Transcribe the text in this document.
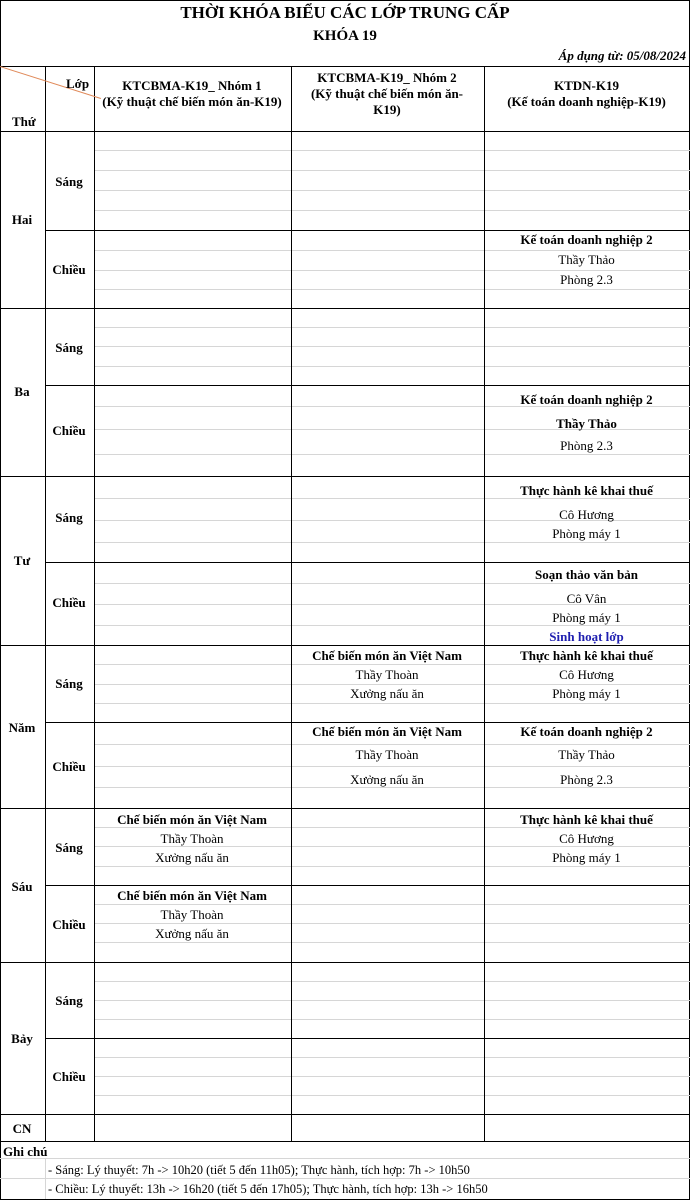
THỜI KHÓA BIỂU CÁC LỚP TRUNG CẤP
KHÓA 19
Áp dụng từ: 05/08/2024
Lớp
Thứ
KTCBMA-K19_ Nhóm 1
(Kỹ thuật chế biến món ăn-K19)
KTCBMA-K19_ Nhóm 2
(Kỹ thuật chế biến món ăn-
K19)
KTDN-K19
(Kế toán doanh nghiệp-K19)
Hai
Ba
Tư
Năm
Sáu
Bảy
CN
Sáng
Chiều
Sáng
Chiều
Sáng
Chiều
Sáng
Chiều
Sáng
Chiều
Sáng
Chiều
Kế toán doanh nghiệp 2
Thầy Thảo
Phòng 2.3
Kế toán doanh nghiệp 2
Thầy Thảo
Phòng 2.3
Thực hành kê khai thuế
Cô Hương
Phòng máy 1
Soạn thảo văn bản
Cô Vân
Phòng máy 1
Sinh hoạt lớp
Chế biến món ăn Việt Nam
Thầy Thoàn
Xưởng nấu ăn
Thực hành kê khai thuế
Cô Hương
Phòng máy 1
Chế biến món ăn Việt Nam
Thầy Thoàn
Xưởng nấu ăn
Kế toán doanh nghiệp 2
Thầy Thảo
Phòng 2.3
Chế biến món ăn Việt Nam
Thầy Thoàn
Xưởng nấu ăn
Thực hành kê khai thuế
Cô Hương
Phòng máy 1
Chế biến món ăn Việt Nam
Thầy Thoàn
Xưởng nấu ăn
Ghi chú
- Sáng: Lý thuyết: 7h -> 10h20 (tiết 5 đến 11h05); Thực hành, tích hợp: 7h -> 10h50
- Chiều: Lý thuyết: 13h -> 16h20 (tiết 5 đến 17h05); Thực hành, tích hợp: 13h -> 16h50
